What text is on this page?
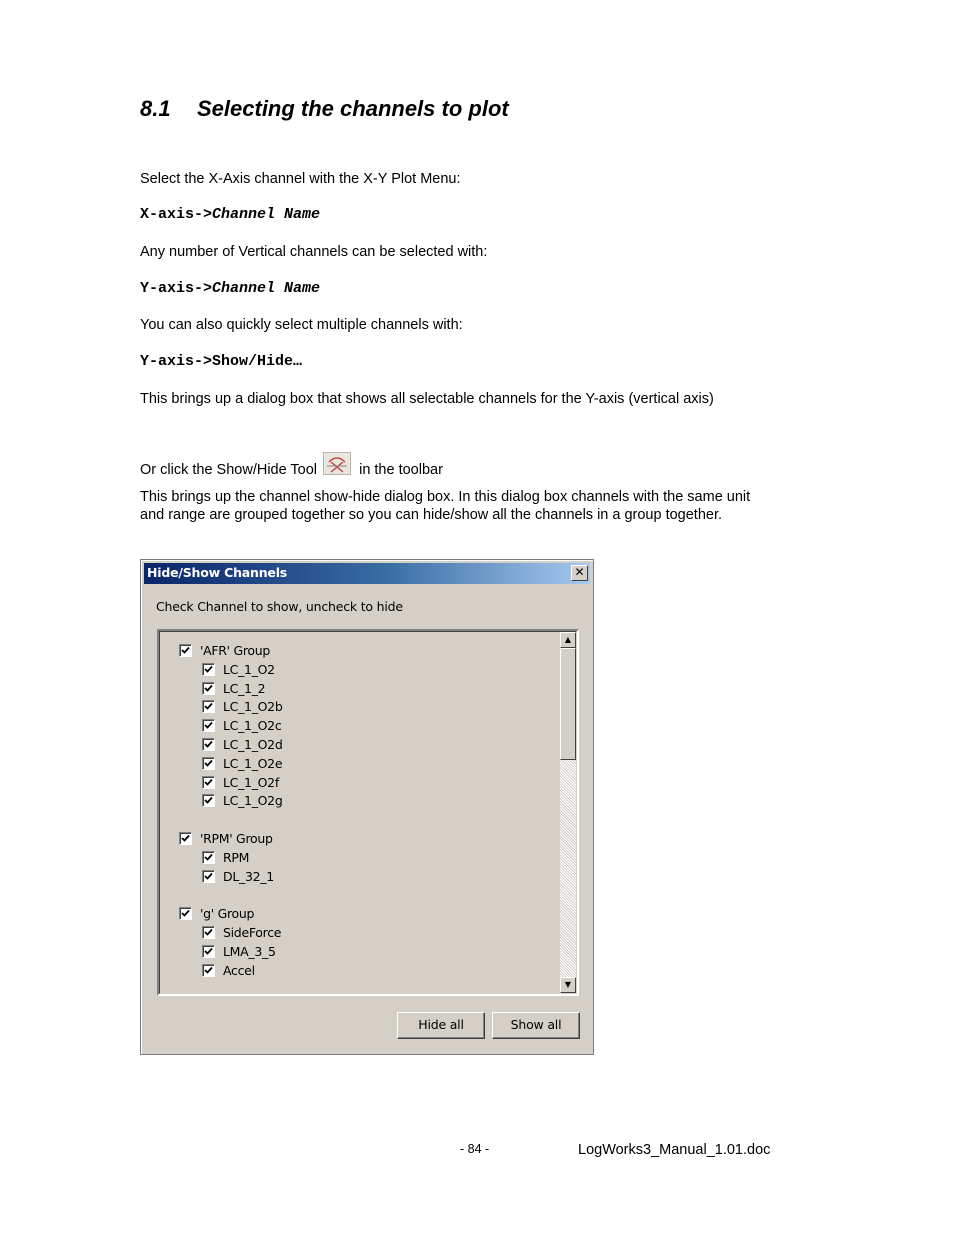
8.1 Selecting the channels to plot

Select the X-Axis channel with the X-Y Plot Menu:

X-axis->Channel Name

Any number of Vertical channels can be selected with:

Y-axis->Channel Name

You can also quickly select multiple channels with:

Y-axis->Show/Hide…

This brings up a dialog box that shows all selectable channels for the Y-axis (vertical axis)

Or click the Show/Hide Tool	in the toolbar

This brings up the channel show-hide dialog box. In this dialog box channels with the same unit

and range are grouped together so you can hide/show all the channels in a group together.

Hide/Show Channels	✕
Check Channel to show, uncheck to hide
▲
▼
'AFR' Group
LC_1_O2
LC_1_2
LC_1_O2b
LC_1_O2c
LC_1_O2d
LC_1_O2e
LC_1_O2f
LC_1_O2g
'RPM' Group
RPM
DL_32_1
'g' Group
SideForce
LMA_3_5
Accel
Hide all	Show all
- 84 -	LogWorks3_Manual_1.01.doc
